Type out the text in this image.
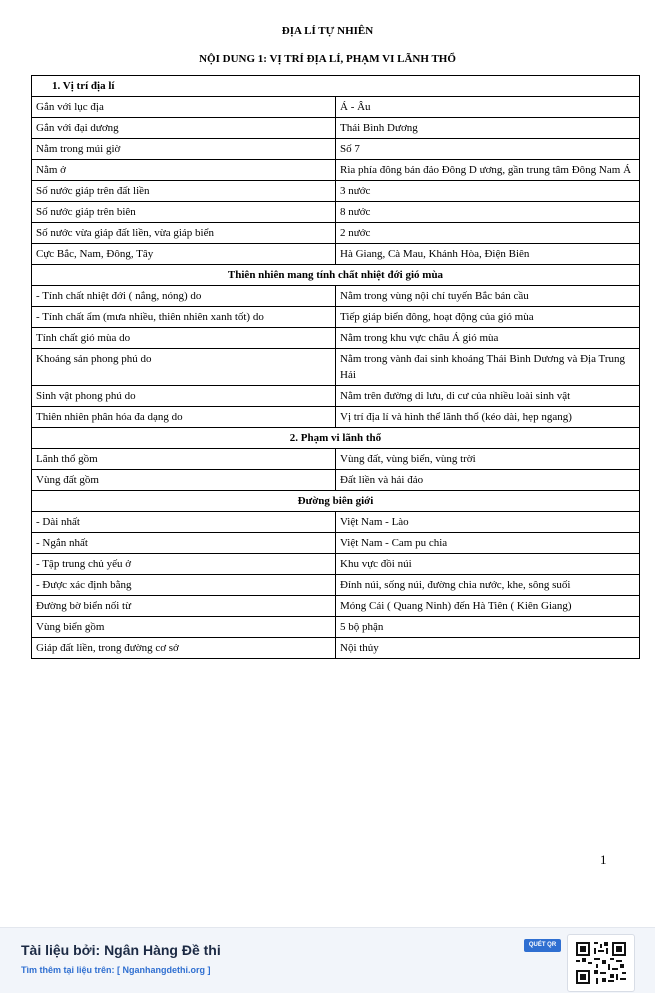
ĐỊA LÍ TỰ NHIÊN
NỘI DUNG 1: VỊ TRÍ ĐỊA LÍ, PHẠM VI LÃNH THỔ
1. Vị trí địa lí	
Gắn với lục địa	Á - Âu
Gắn với đại dương	Thái Bình Dương
Nằm trong múi giờ	Số 7
Nằm ở	Rìa phía đông bán đảo Đông D ương, gần trung tâm Đông Nam Á
Số nước giáp trên đất liền	3 nước
Số nước giáp trên biên	8 nước
Số nước vừa giáp đất liền, vừa giáp biển	2 nước
Cực Bắc, Nam, Đông, Tây	Hà Giang, Cà Mau, Khánh Hòa, Điện Biên
Thiên nhiên mang tính chất nhiệt đới gió mùa	
- Tính chất nhiệt đới ( nắng, nóng) do	Nằm trong vùng nội chí tuyến Bắc bán cầu
- Tính chất ẩm (mưa nhiều, thiên nhiên xanh tốt) do	Tiếp giáp biển đông, hoạt động của gió mùa
Tính chất gió mùa do	Nằm trong khu vực châu Á gió mùa
Khoáng sản phong phú do	Nằm trong vành đai sinh khoáng Thái Bình Dương và Địa Trung Hải
Sinh vật phong phú do	Nằm trên đường di lưu, di cư của nhiều loài sinh vật
Thiên nhiên phân hóa đa dạng do	Vị trí địa lí và hình thể lãnh thổ (kéo dài, hẹp ngang)
2. Phạm vi lãnh thổ	
Lãnh thổ gồm	Vùng đất, vùng biển, vùng trời
Vùng đất gồm	Đất liền và hải đảo
Đường biên giới	
- Dài nhất	Việt Nam - Lào
- Ngắn nhất	Việt Nam - Cam pu chia
- Tập trung chủ yếu ở	Khu vực đồi núi
- Được xác định bằng	Đỉnh núi, sống núi, đường chia nước, khe, sông suối
Đường bờ biển nối từ	Móng Cái ( Quang Ninh) đến Hà Tiên ( Kiên Giang)
Vùng biển gồm	5 bộ phận
Giáp đất liền, trong đường cơ sở	Nội thủy
1
Tài liệu bởi: Ngân Hàng Đề thi
Tìm thêm tại liệu trên: [ Nganhangdethi.org ]
QUÉT QR
